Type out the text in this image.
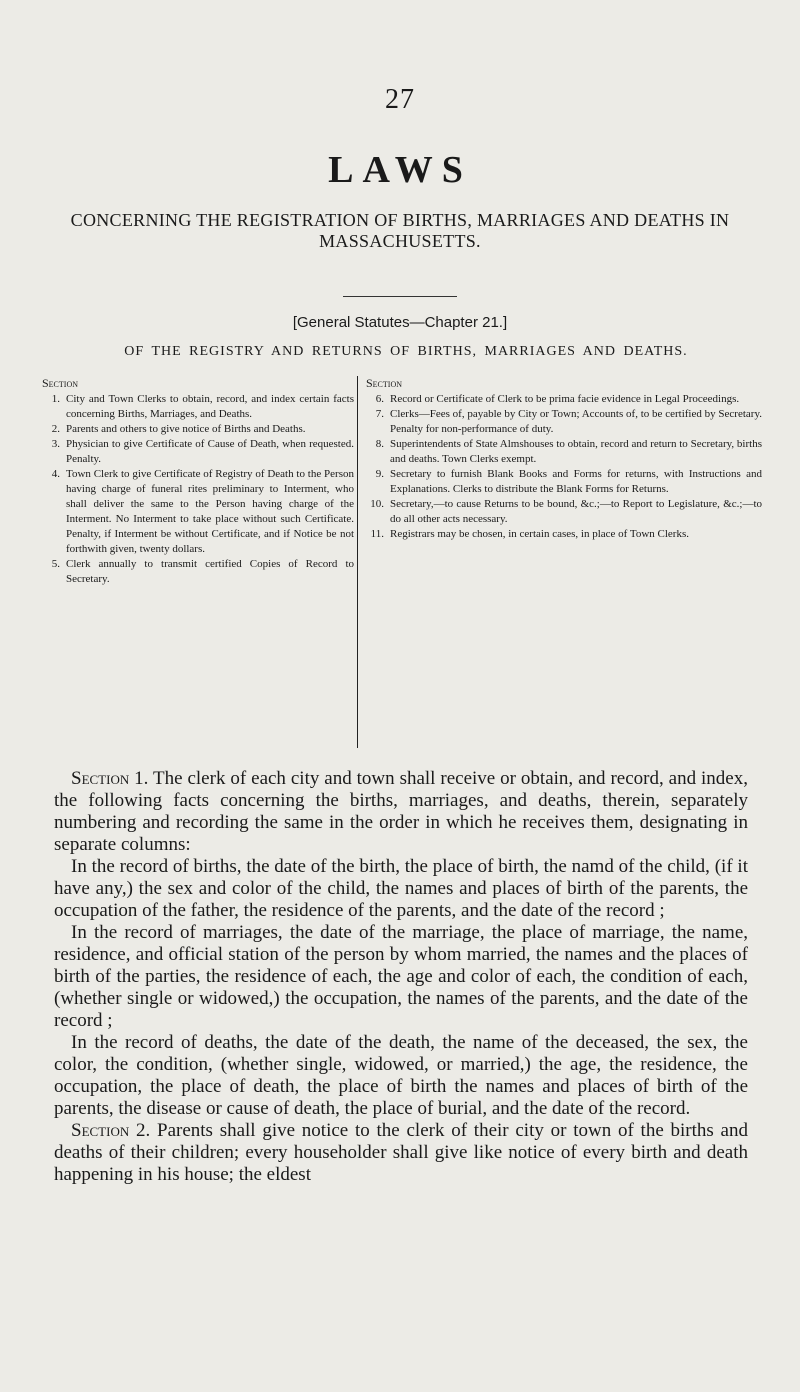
27
LAWS
CONCERNING THE REGISTRATION OF BIRTHS, MARRIAGES AND DEATHS IN MASSACHUSETTS.
[General Statutes—Chapter 21.]
OF THE REGISTRY AND RETURNS OF BIRTHS, MARRIAGES AND DEATHS.
Section
1. City and Town Clerks to obtain, record, and index certain facts concerning Births, Marriages, and Deaths.
2. Parents and others to give notice of Births and Deaths.
3. Physician to give Certificate of Cause of Death, when requested. Penalty.
4. Town Clerk to give Certificate of Registry of Death to the Person having charge of funeral rites preliminary to Interment, who shall deliver the same to the Person having charge of the Interment. No Interment to take place without such Certificate. Penalty, if Interment be without Certificate, and if Notice be not forthwith given, twenty dollars.
5. Clerk annually to transmit certified Copies of Record to Secretary.
Section
6. Record or Certificate of Clerk to be prima facie evidence in Legal Proceedings.
7. Clerks—Fees of, payable by City or Town; Accounts of, to be certified by Secretary. Penalty for non-performance of duty.
8. Superintendents of State Almshouses to obtain, record and return to Secretary, births and deaths. Town Clerks exempt.
9. Secretary to furnish Blank Books and Forms for returns, with Instructions and Explanations. Clerks to distribute the Blank Forms for Returns.
10. Secretary,—to cause Returns to be bound, &c.;—to Report to Legislature, &c.;—to do all other acts necessary.
11. Registrars may be chosen, in certain cases, in place of Town Clerks.

Section 1. The clerk of each city and town shall receive or obtain, and record, and index, the following facts concerning the births, marriages, and deaths, therein, separately numbering and recording the same in the order in which he receives them, designating in separate columns:

In the record of births, the date of the birth, the place of birth, the namd of the child, (if it have any,) the sex and color of the child, the names and places of birth of the parents, the occupation of the father, the residence of the parents, and the date of the record ;

In the record of marriages, the date of the marriage, the place of marriage, the name, residence, and official station of the person by whom married, the names and the places of birth of the parties, the residence of each, the age and color of each, the condition of each, (whether single or widowed,) the occupation, the names of the parents, and the date of the record ;

In the record of deaths, the date of the death, the name of the deceased, the sex, the color, the condition, (whether single, widowed, or married,) the age, the residence, the occupation, the place of death, the place of birth the names and places of birth of the parents, the disease or cause of death, the place of burial, and the date of the record.

Section 2. Parents shall give notice to the clerk of their city or town of the births and deaths of their children; every householder shall give like notice of every birth and death happening in his house; the eldest
